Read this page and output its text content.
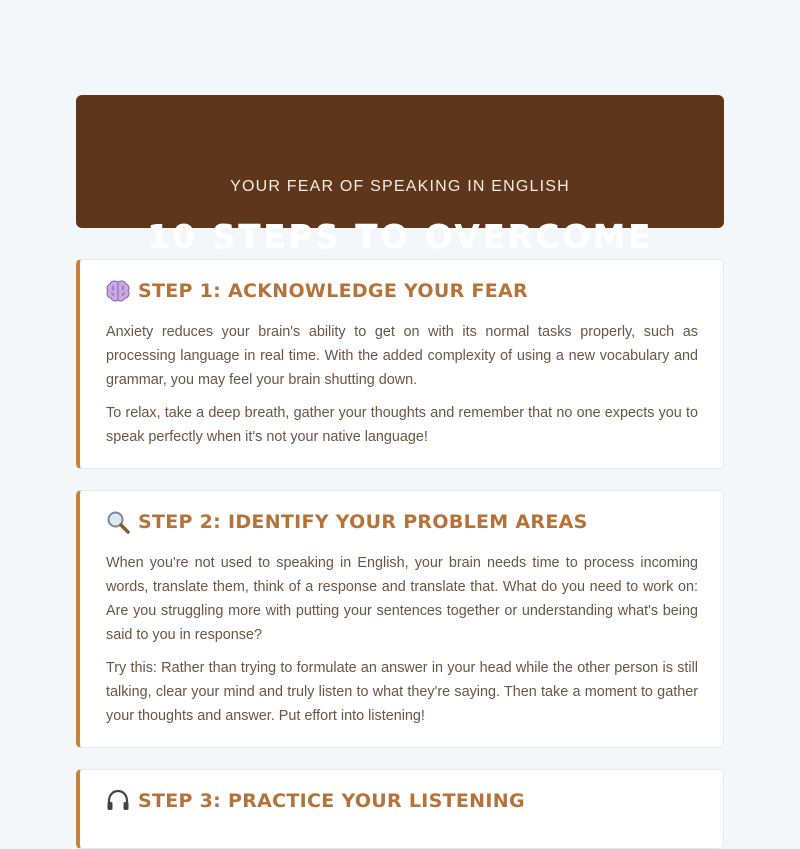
10 STEPS TO OVERCOME
YOUR FEAR OF SPEAKING IN ENGLISH
STEP 1: ACKNOWLEDGE YOUR FEAR

Anxiety reduces your brain's ability to get on with its normal tasks properly, such as processing language in real time. With the added complexity of using a new vocabulary and grammar, you may feel your brain shutting down.

To relax, take a deep breath, gather your thoughts and remember that no one expects you to speak perfectly when it's not your native language!

STEP 2: IDENTIFY YOUR PROBLEM AREAS

When you're not used to speaking in English, your brain needs time to process incoming words, translate them, think of a response and translate that. What do you need to work on: Are you struggling more with putting your sentences together or understanding what's being said to you in response?

Try this: Rather than trying to formulate an answer in your head while the other person is still talking, clear your mind and truly listen to what they're saying. Then take a moment to gather your thoughts and answer. Put effort into listening!

STEP 3: PRACTICE YOUR LISTENING
